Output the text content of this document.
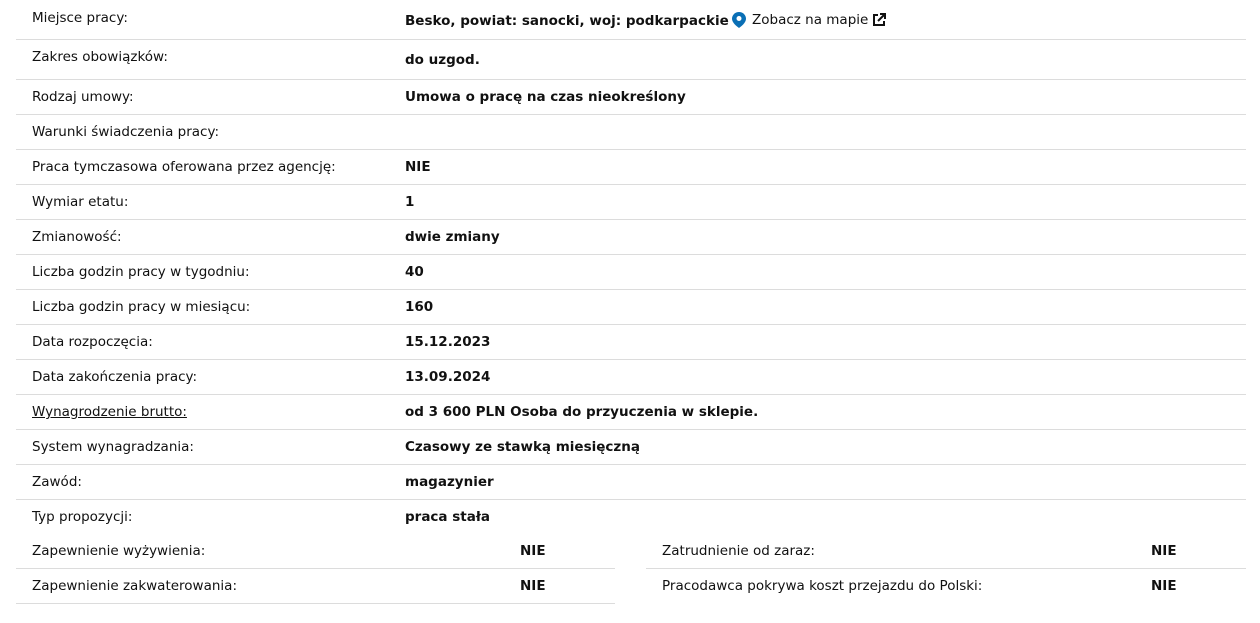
Miejsce pracy:	Besko, powiat: sanocki, woj: podkarpackie Zobacz na mapie
Zakres obowiązków:	do uzgod.
Rodzaj umowy:	Umowa o pracę na czas nieokreślony
Warunki świadczenia pracy:
Praca tymczasowa oferowana przez agencję:	NIE
Wymiar etatu:	1
Zmianowość:	dwie zmiany
Liczba godzin pracy w tygodniu:	40
Liczba godzin pracy w miesiącu:	160
Data rozpoczęcia:	15.12.2023
Data zakończenia pracy:	13.09.2024
Wynagrodzenie brutto:	od 3 600 PLN Osoba do przyuczenia w sklepie.
System wynagradzania:	Czasowy ze stawką miesięczną
Zawód:	magazynier
Typ propozycji:	praca stała
Zapewnienie wyżywienia:	NIE
Zapewnienie zakwaterowania:	NIE
Zatrudnienie od zaraz:	NIE
Pracodawca pokrywa koszt przejazdu do Polski:	NIE
